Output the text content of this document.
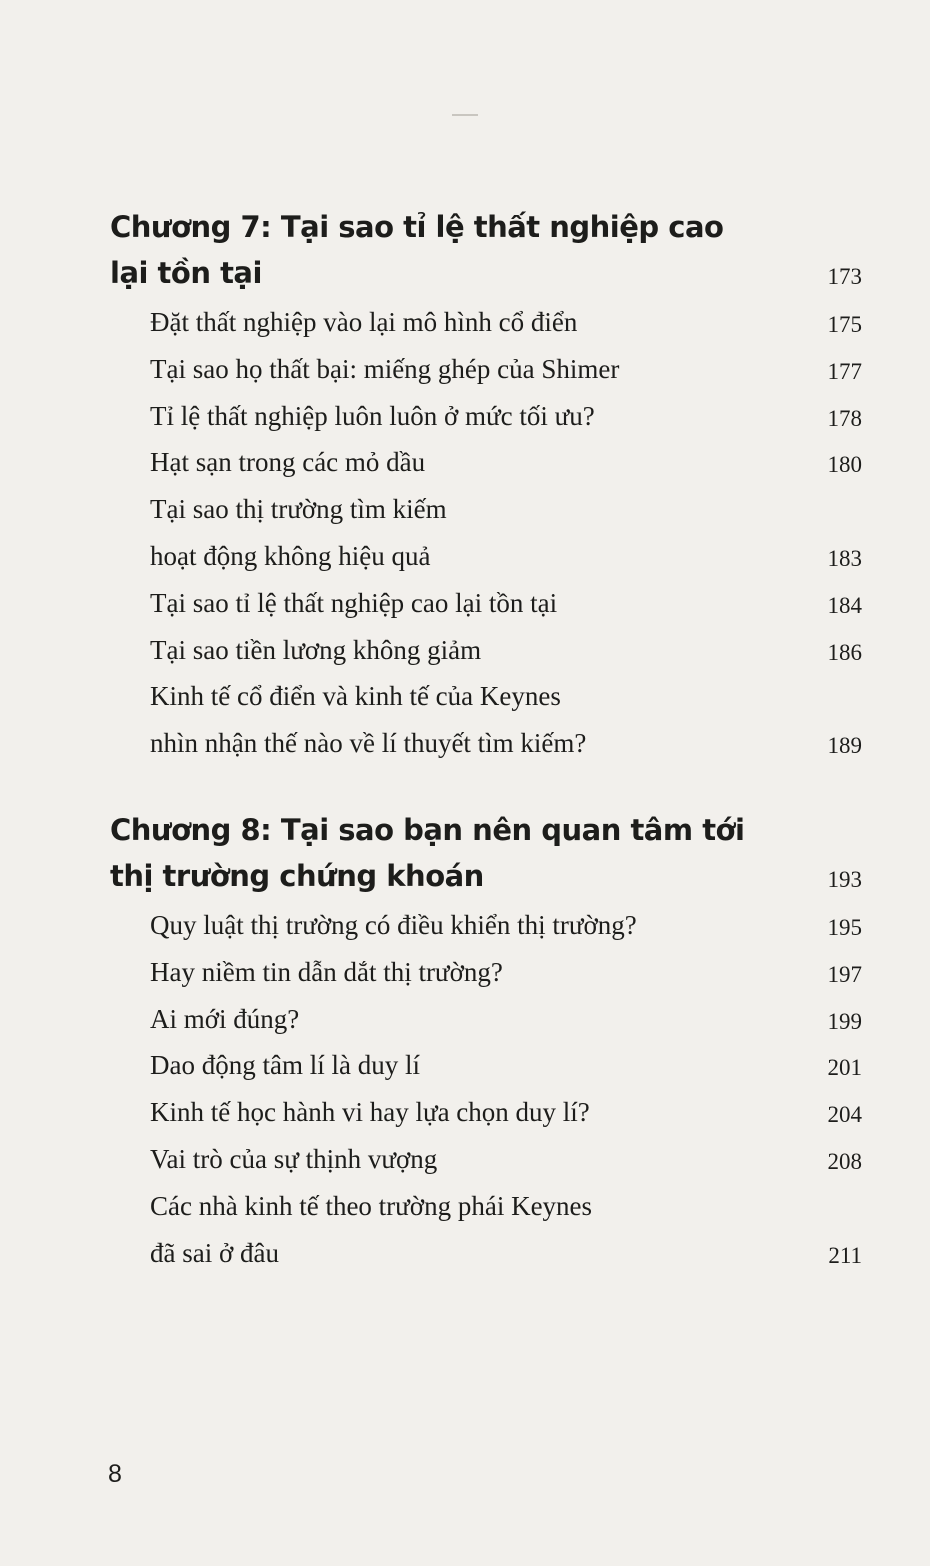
Chương 7: Tại sao tỉ lệ thất nghiệp cao
lại tồn tại	173
Đặt thất nghiệp vào lại mô hình cổ điển	175
Tại sao họ thất bại: miếng ghép của Shimer	177
Tỉ lệ thất nghiệp luôn luôn ở mức tối ưu?	178
Hạt sạn trong các mỏ dầu	180
Tại sao thị trường tìm kiếm
hoạt động không hiệu quả	183
Tại sao tỉ lệ thất nghiệp cao lại tồn tại	184
Tại sao tiền lương không giảm	186
Kinh tế cổ điển và kinh tế của Keynes
nhìn nhận thế nào về lí thuyết tìm kiếm?	189
Chương 8: Tại sao bạn nên quan tâm tới
thị trường chứng khoán	193
Quy luật thị trường có điều khiển thị trường?	195
Hay niềm tin dẫn dắt thị trường?	197
Ai mới đúng?	199
Dao động tâm lí là duy lí	201
Kinh tế học hành vi hay lựa chọn duy lí?	204
Vai trò của sự thịnh vượng	208
Các nhà kinh tế theo trường phái Keynes
đã sai ở đâu	211
8
